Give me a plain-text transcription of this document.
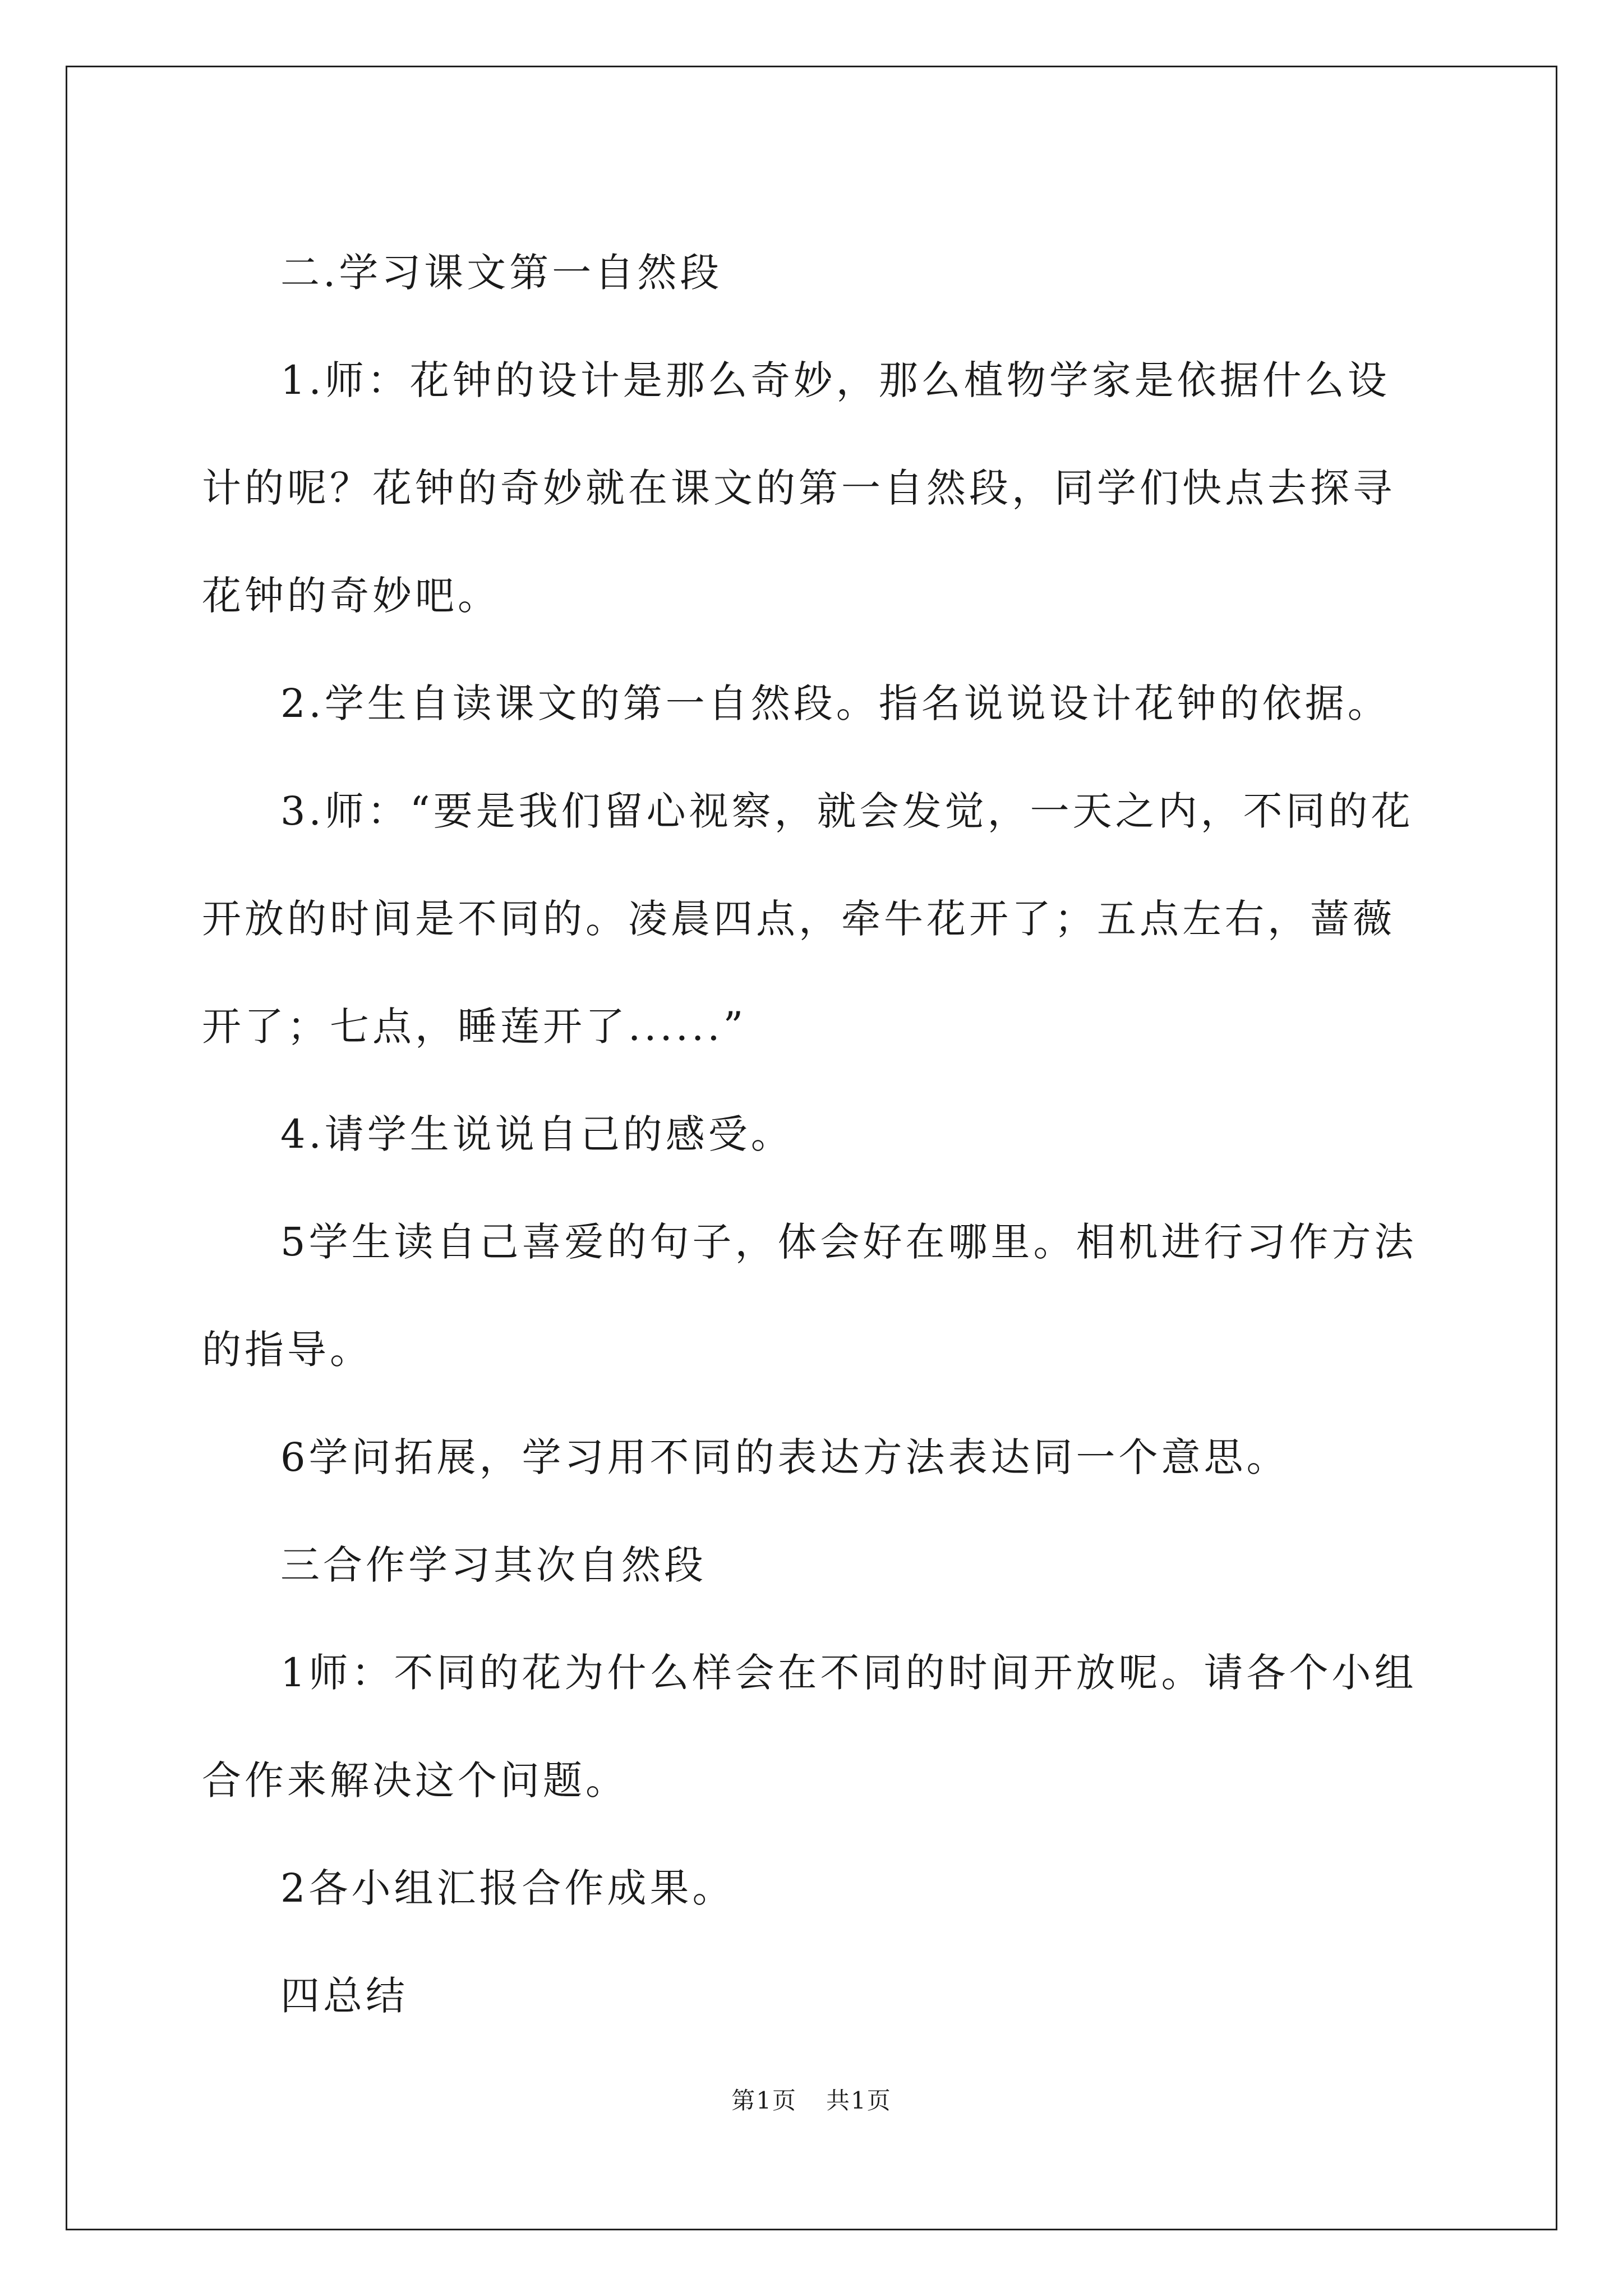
二.学习课文第一自然段

1.师：花钟的设计是那么奇妙，那么植物学家是依据什么设计的呢？花钟的奇妙就在课文的第一自然段，同学们快点去探寻花钟的奇妙吧。

2.学生自读课文的第一自然段。指名说说设计花钟的依据。

3.师：“要是我们留心视察，就会发觉，一天之内，不同的花开放的时间是不同的。凌晨四点，牵牛花开了；五点左右，蔷薇开了；七点，睡莲开了......”

4.请学生说说自己的感受。

5学生读自己喜爱的句子，体会好在哪里。相机进行习作方法的指导。

6学问拓展，学习用不同的表达方法表达同一个意思。

三合作学习其次自然段

1师：不同的花为什么样会在不同的时间开放呢。请各个小组合作来解决这个问题。

2各小组汇报合作成果。

四总结

第1页 共1页
